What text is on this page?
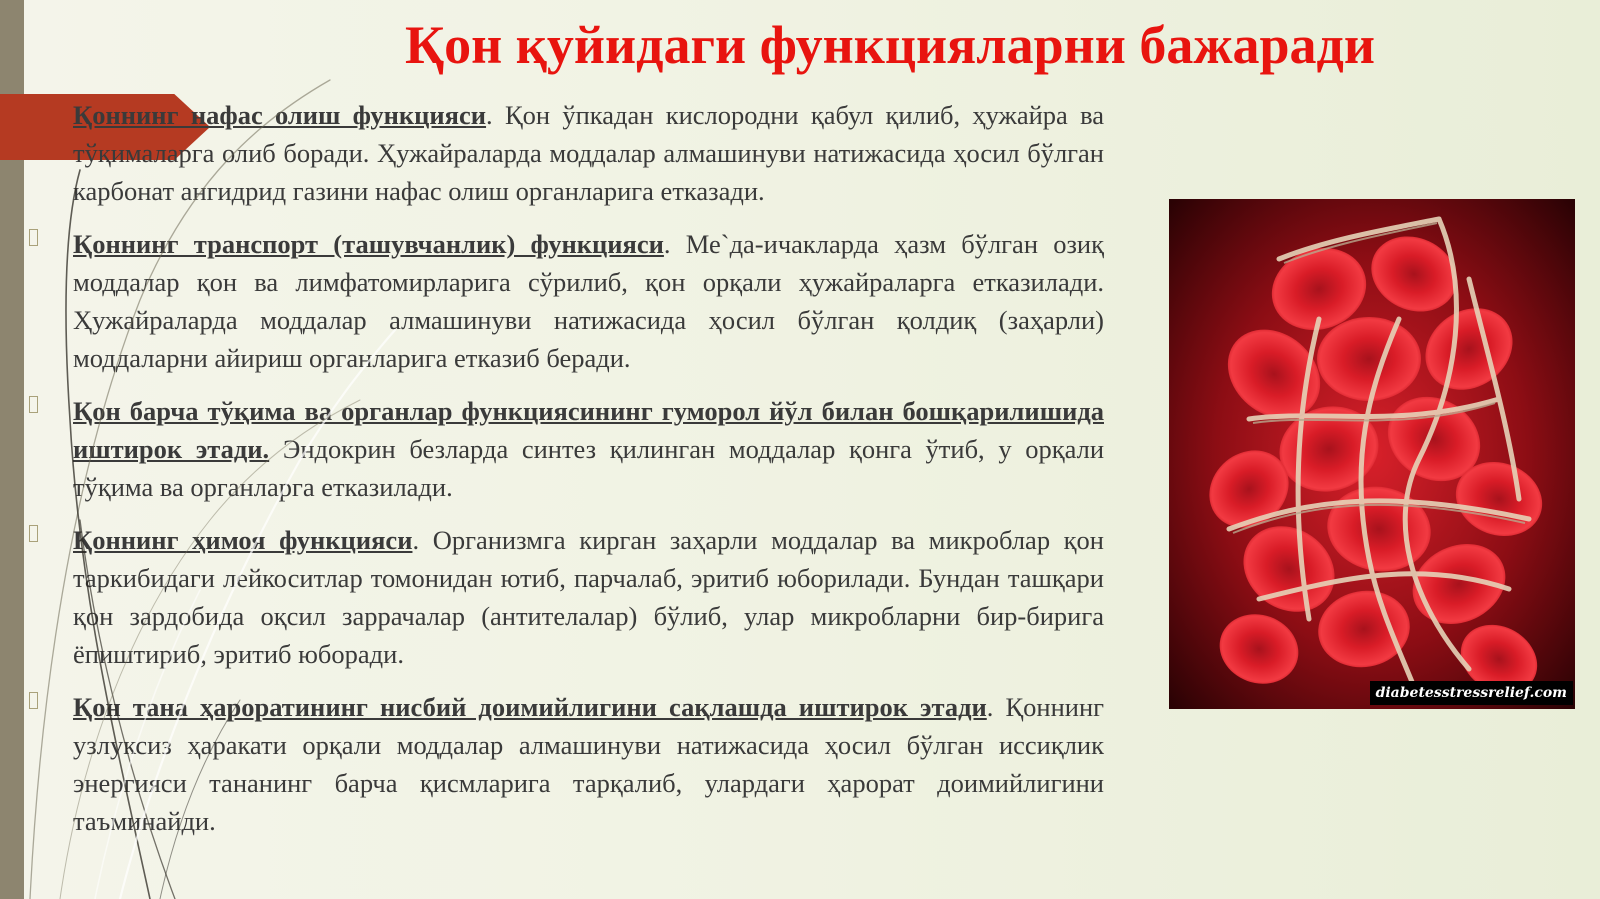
Қон қуйидаги функцияларни бажаради

Қоннинг нафас олиш функцияси. Қон ўпкадан кислородни қабул қилиб, ҳужайра ва тўқималарга олиб боради. Ҳужайраларда моддалар алмашинуви натижасида ҳосил бўлган карбонат ангидрид газини нафас олиш органларига етказади.

Қоннинг транспорт (ташувчанлик) функцияси. Ме`да-ичакларда ҳазм бўлган озиқ моддалар қон ва лимфатомирларига сўрилиб, қон орқали ҳужайраларга етказилади. Ҳужайраларда моддалар алмашинуви натижасида ҳосил бўлган қолдиқ (заҳарли) моддаларни айириш органларига етказиб беради.

Қон барча тўқима ва органлар функциясининг гуморол йўл билан бошқарилишида иштирок этади. Эндокрин безларда синтез қилинган моддалар қонга ўтиб, у орқали тўқима ва органларга етказилади.

Қоннинг ҳимоя функцияси. Организмга кирган заҳарли моддалар ва микроблар қон таркибидаги лейкоситлар томонидан ютиб, парчалаб, эритиб юборилади. Бундан ташқари қон зардобида оқсил заррачалар (антителалар) бўлиб, улар микробларни бир-бирига ёпиштириб, эритиб юборади.

Қон тана ҳароратининг нисбий доимийлигини сақлашда иштирок этади. Қоннинг узлуксиз ҳаракати орқали моддалар алмашинуви натижасида ҳосил бўлган иссиқлик энергияси тананинг барча қисмларига тарқалиб, улардаги ҳарорат доимийлигини таъминайди.

diabetesstressrelief.com
